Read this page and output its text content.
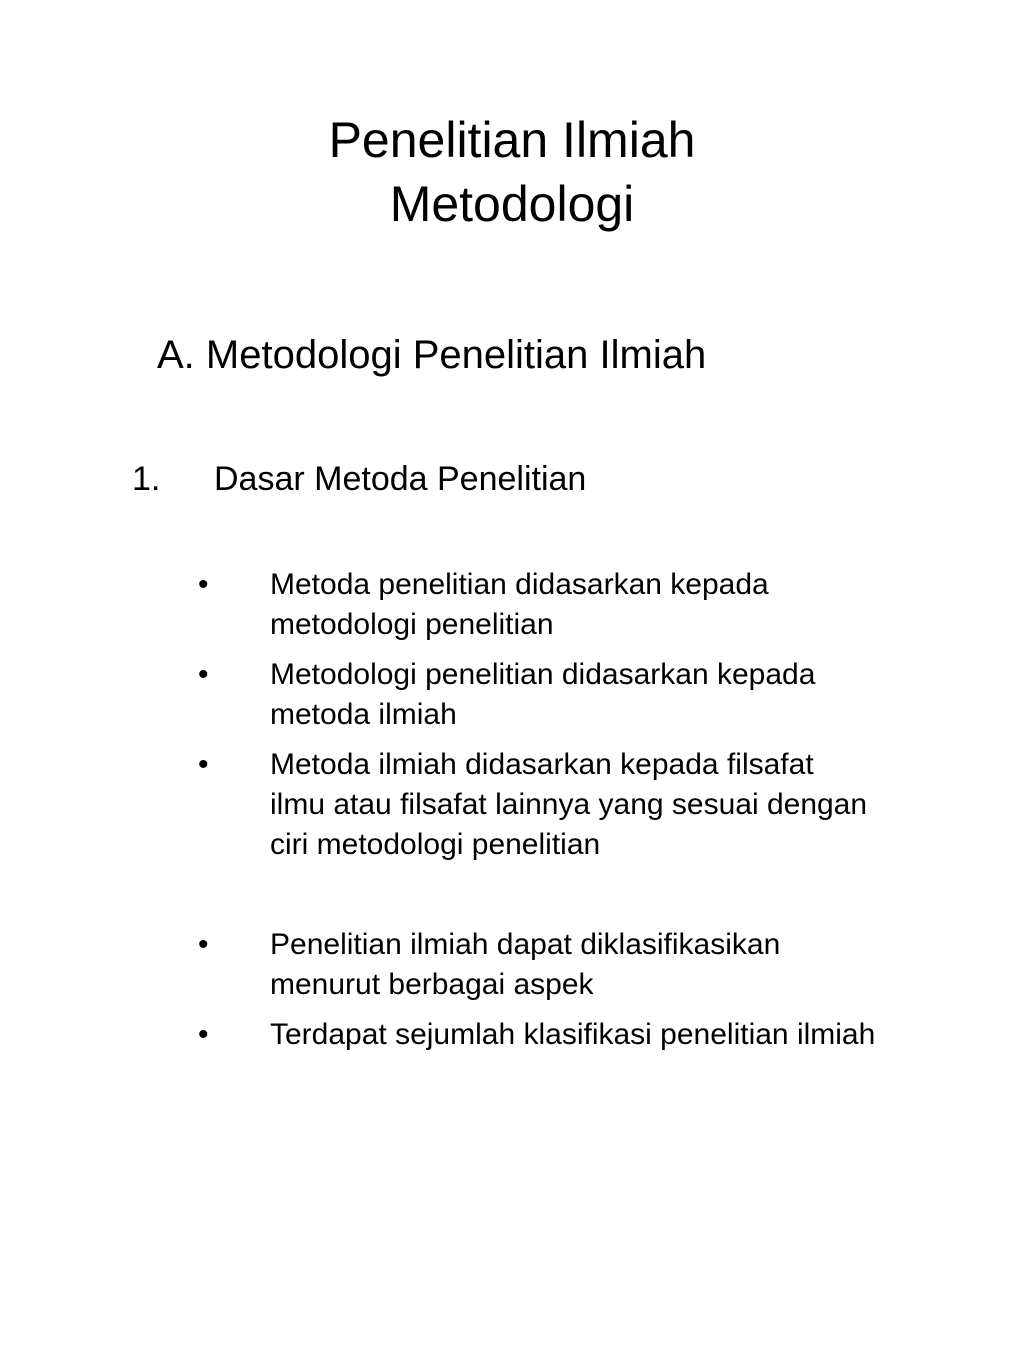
Penelitian Ilmiah
Metodologi
A. Metodologi Penelitian Ilmiah
1. Dasar Metoda Penelitian
•	Metoda penelitian didasarkan kepada
metodologi penelitian
•	Metodologi penelitian didasarkan kepada
metoda ilmiah
•	Metoda ilmiah didasarkan kepada filsafat
ilmu atau filsafat lainnya yang sesuai dengan
ciri metodologi penelitian
•	Penelitian ilmiah dapat diklasifikasikan
menurut berbagai aspek
•	Terdapat sejumlah klasifikasi penelitian ilmiah
